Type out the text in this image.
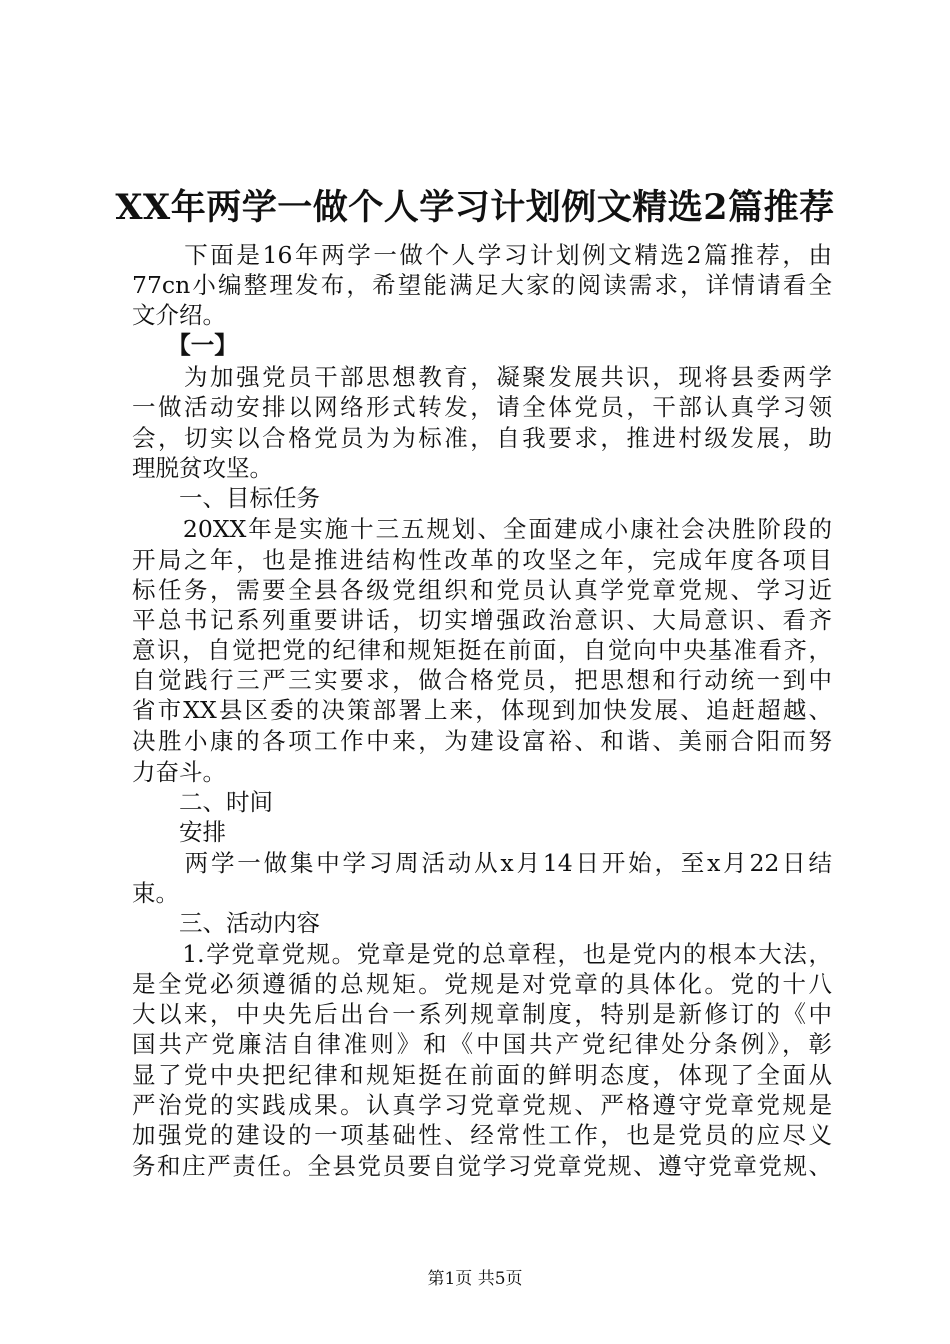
XX年两学一做个人学习计划例文精选2篇推荐
　　下面是16年两学一做个人学习计划例文精选2篇推荐，由
77cn小编整理发布，希望能满足大家的阅读需求，详情请看全
文介绍。
　　【一】
　　为加强党员干部思想教育，凝聚发展共识，现将县委两学
一做活动安排以网络形式转发，请全体党员，干部认真学习领
会，切实以合格党员为为标准，自我要求，推进村级发展，助
理脱贫攻坚。
　　一、目标任务
　　20XX年是实施十三五规划、全面建成小康社会决胜阶段的
开局之年，也是推进结构性改革的攻坚之年，完成年度各项目
标任务，需要全县各级党组织和党员认真学党章党规、学习近
平总书记系列重要讲话，切实增强政治意识、大局意识、看齐
意识，自觉把党的纪律和规矩挺在前面，自觉向中央基准看齐，
自觉践行三严三实要求，做合格党员，把思想和行动统一到中
省市XX县区委的决策部署上来，体现到加快发展、追赶超越、
决胜小康的各项工作中来，为建设富裕、和谐、美丽合阳而努
力奋斗。
　　二、时间
　　安排
　　两学一做集中学习周活动从x月14日开始，至x月22日结
束。
　　三、活动内容
　　1.学党章党规。党章是党的总章程，也是党内的根本大法，
是全党必须遵循的总规矩。党规是对党章的具体化。党的十八
大以来，中央先后出台一系列规章制度，特别是新修订的《中
国共产党廉洁自律准则》和《中国共产党纪律处分条例》，彰
显了党中央把纪律和规矩挺在前面的鲜明态度，体现了全面从
严治党的实践成果。认真学习党章党规、严格遵守党章党规是
加强党的建设的一项基础性、经常性工作，也是党员的应尽义
务和庄严责任。全县党员要自觉学习党章党规、遵守党章党规、
第1页 共5页
